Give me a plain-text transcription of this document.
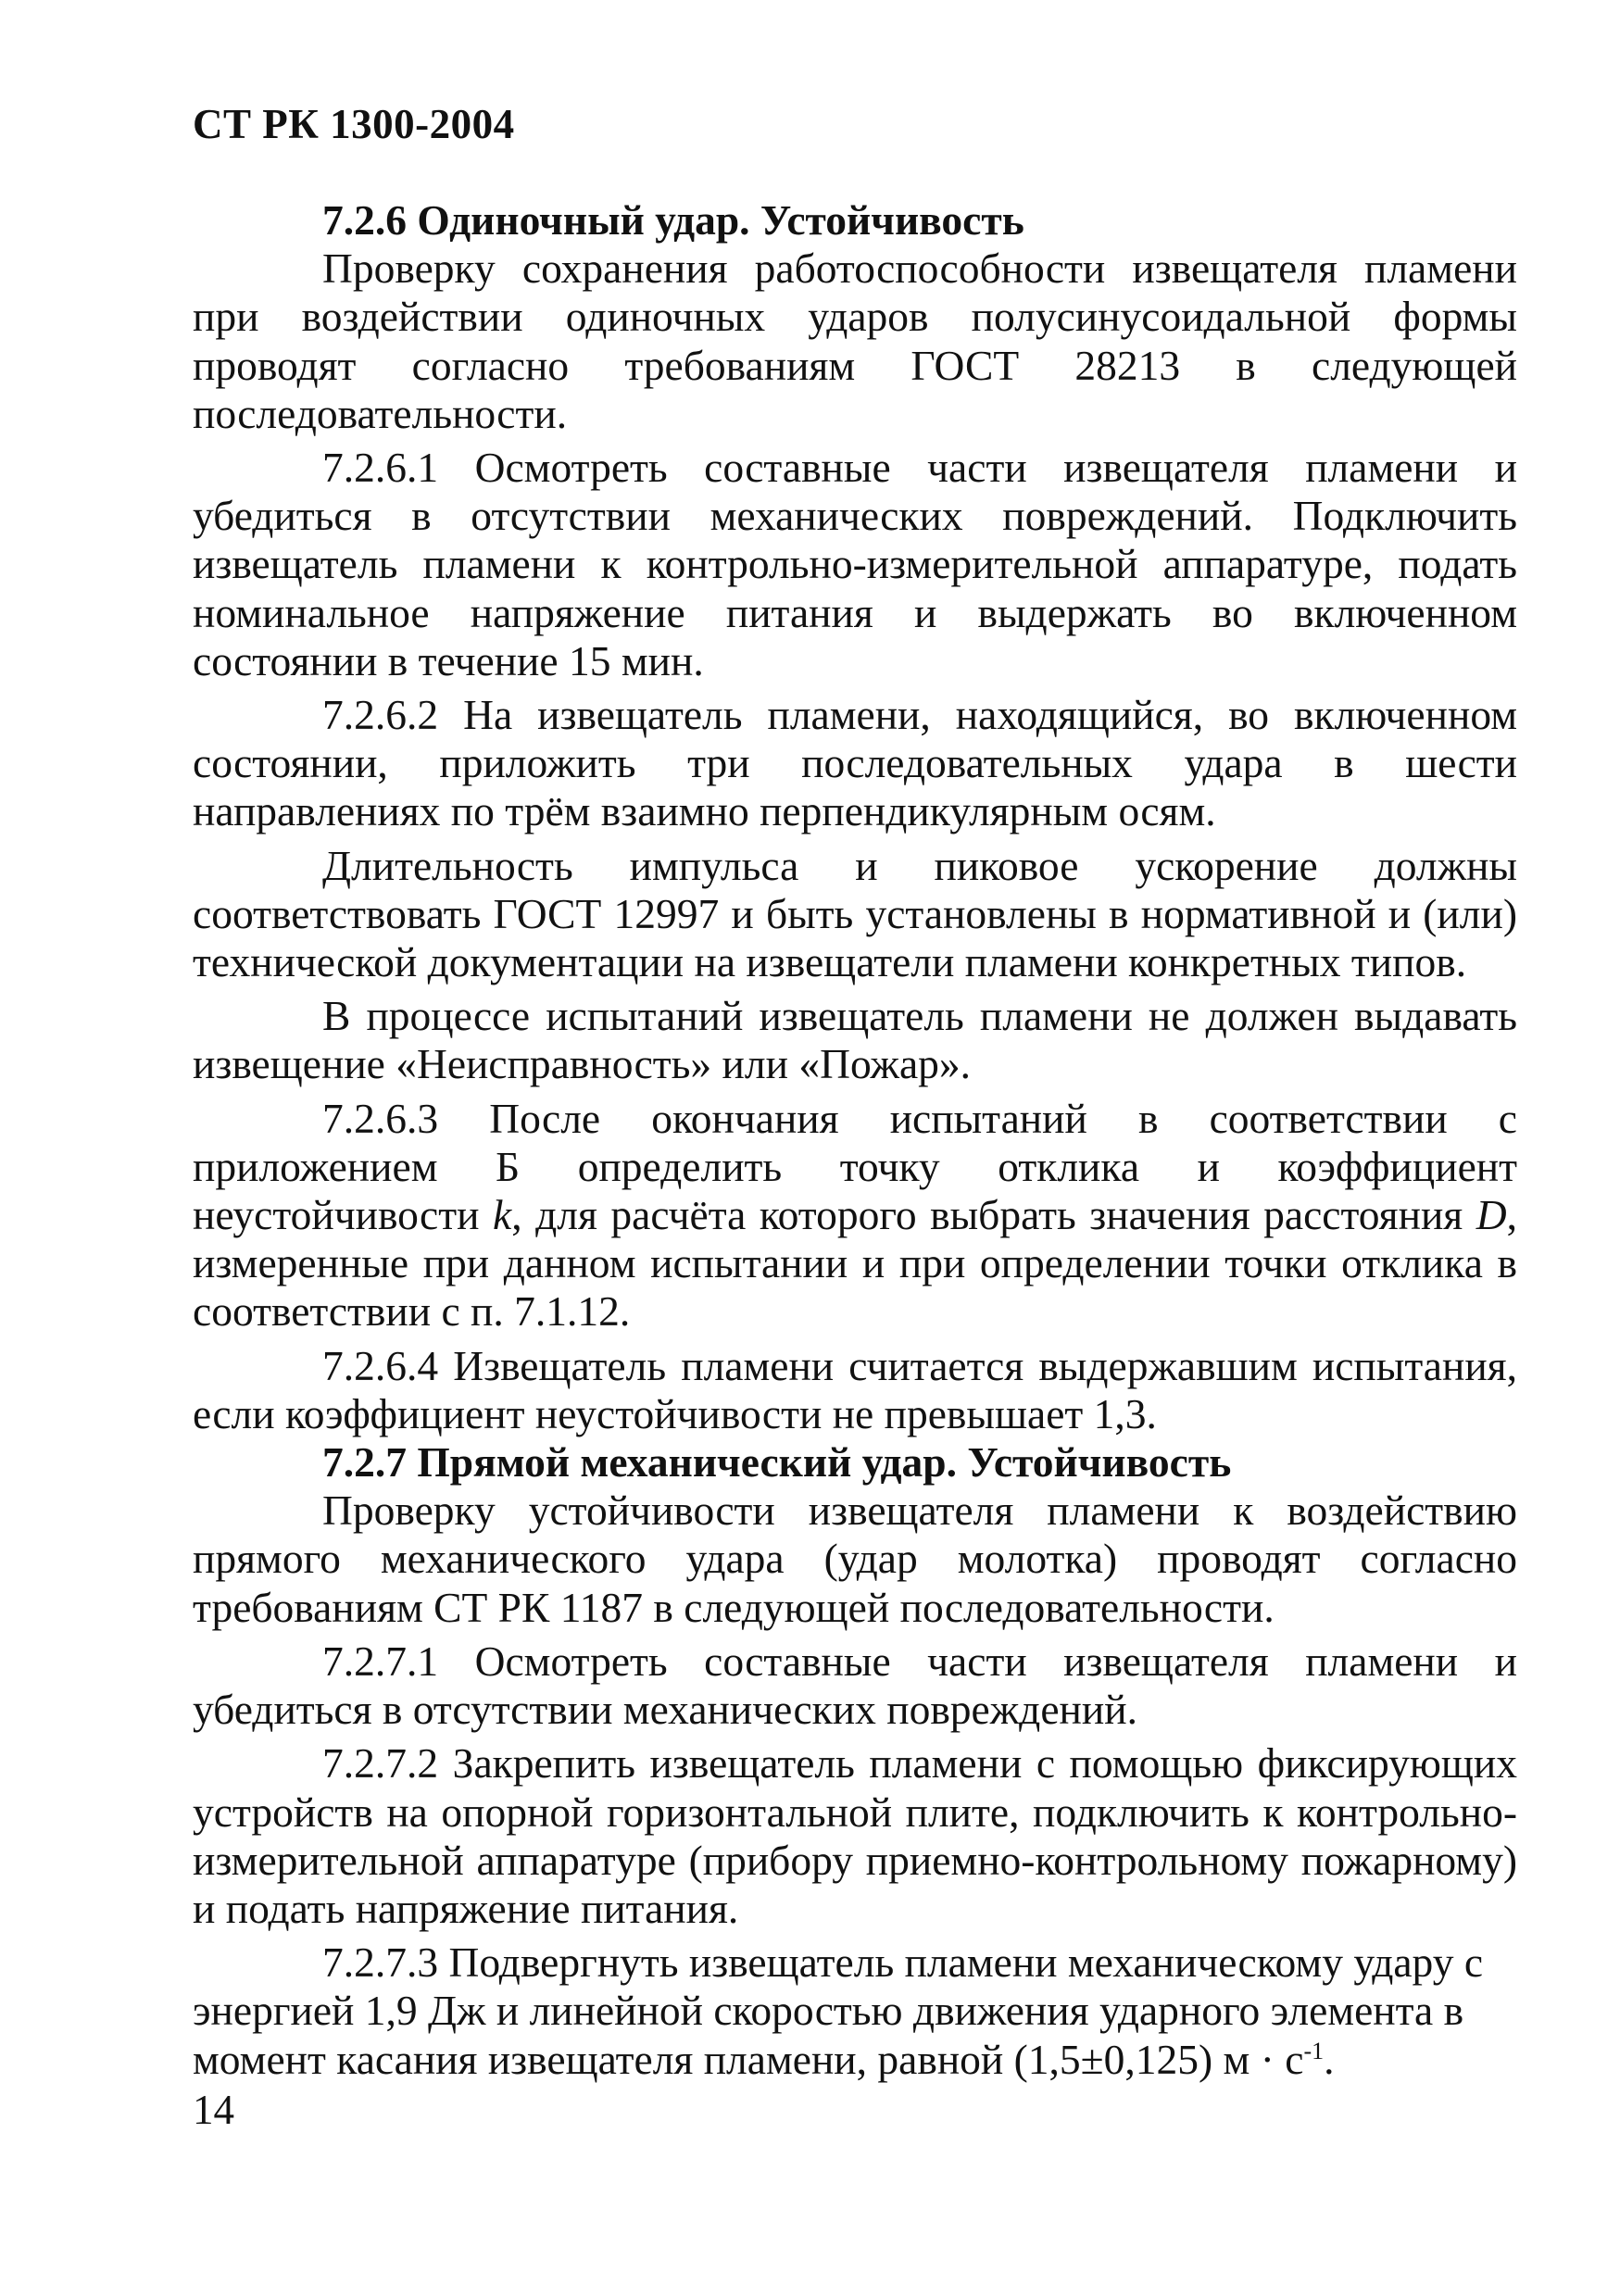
СТ РК 1300-2004

7.2.6 Одиночный удар. Устойчивость

Проверку сохранения работоспособности извещателя пламени при воздействии одиночных ударов полусинусоидальной формы проводят согласно требованиям ГОСТ 28213 в следующей последовательности.

7.2.6.1 Осмотреть составные части извещателя пламени и убедиться в отсутствии механических повреждений. Подключить извещатель пламени к контрольно-измерительной аппаратуре, подать номинальное напряжение питания и выдержать во включенном состоянии в течение 15 мин.

7.2.6.2 На извещатель пламени, находящийся, во включенном состоянии, приложить три последовательных удара в шести направлениях по трём взаимно перпендикулярным осям.

Длительность импульса и пиковое ускорение должны соответствовать ГОСТ 12997 и быть установлены в нормативной и (или) технической документации на извещатели пламени конкретных типов.

В процессе испытаний извещатель пламени не должен выдавать извещение «Неисправность» или «Пожар».

7.2.6.3 После окончания испытаний в соответствии с приложением Б определить точку отклика и коэффициент неустойчивости k, для расчёта которого выбрать значения расстояния D, измеренные при данном испытании и при определении точки отклика в соответствии с п. 7.1.12.

7.2.6.4 Извещатель пламени считается выдержавшим испытания, если коэффициент неустойчивости не превышает 1,3.

7.2.7 Прямой механический удар. Устойчивость

Проверку устойчивости извещателя пламени к воздействию прямого механического удара (удар молотка) проводят согласно требованиям СТ РК 1187 в следующей последовательности.

7.2.7.1 Осмотреть составные части извещателя пламени и убедиться в отсутствии механических повреждений.

7.2.7.2 Закрепить извещатель пламени с помощью фиксирующих устройств на опорной горизонтальной плите, подключить к контрольно-измерительной аппаратуре (прибору приемно-контрольному пожарному) и подать напряжение питания.

7.2.7.3 Подвергнуть извещатель пламени механическому удару с энергией 1,9 Дж и линейной скоростью движения ударного элемента в момент касания извещателя пламени, равной (1,5±0,125) $м \cdot с^{-1}$.

14
